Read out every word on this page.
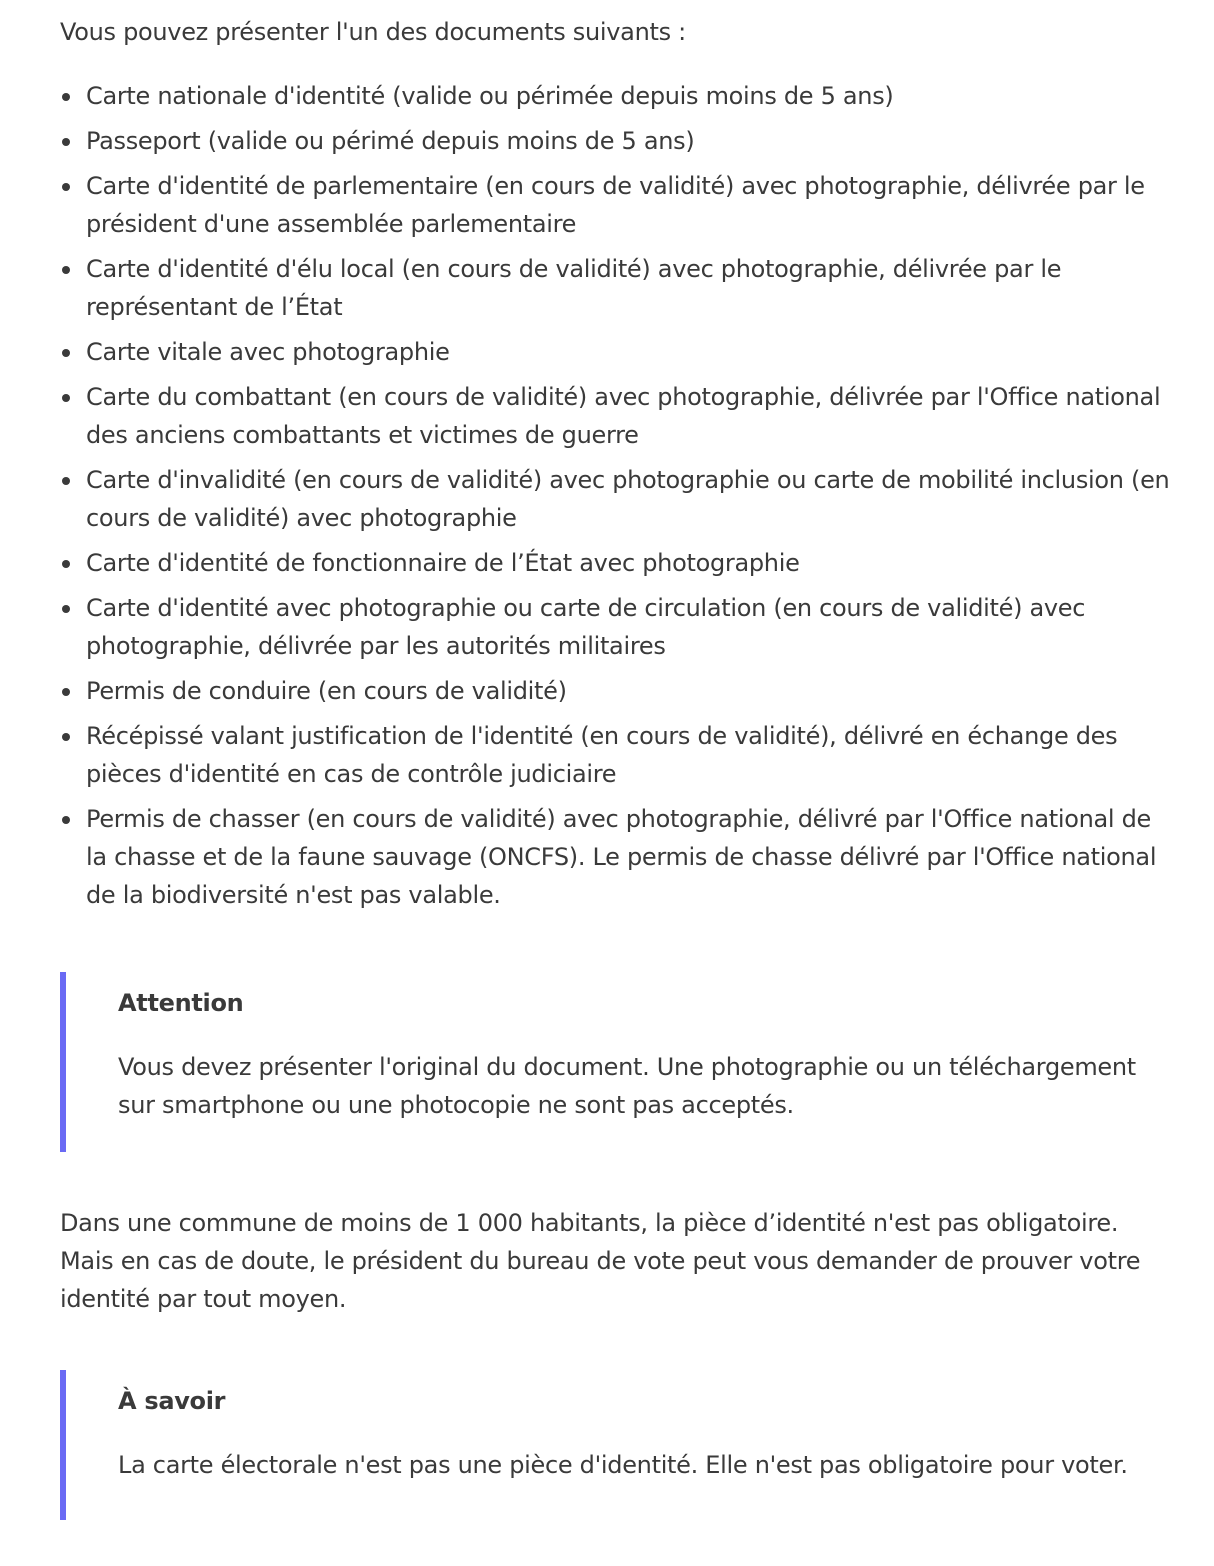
Vous pouvez présenter l'un des documents suivants :

Carte nationale d'identité (valide ou périmée depuis moins de 5 ans)
Passeport (valide ou périmé depuis moins de 5 ans)
Carte d'identité de parlementaire (en cours de validité) avec photographie, délivrée par le président d'une assemblée parlementaire
Carte d'identité d'élu local (en cours de validité) avec photographie, délivrée par le représentant de l’État
Carte vitale avec photographie
Carte du combattant (en cours de validité) avec photographie, délivrée par l'Office national des anciens combattants et victimes de guerre
Carte d'invalidité (en cours de validité) avec photographie ou carte de mobilité inclusion (en cours de validité) avec photographie
Carte d'identité de fonctionnaire de l’État avec photographie
Carte d'identité avec photographie ou carte de circulation (en cours de validité) avec photographie, délivrée par les autorités militaires
Permis de conduire (en cours de validité)
Récépissé valant justification de l'identité (en cours de validité), délivré en échange des pièces d'identité en cas de contrôle judiciaire
Permis de chasser (en cours de validité) avec photographie, délivré par l'Office national de la chasse et de la faune sauvage (ONCFS). Le permis de chasse délivré par l'Office national de la biodiversité n'est pas valable.

Attention

Vous devez présenter l'original du document. Une photographie ou un téléchargement sur smartphone ou une photocopie ne sont pas acceptés.

Dans une commune de moins de 1 000 habitants, la pièce d’identité n'est pas obligatoire. Mais en cas de doute, le président du bureau de vote peut vous demander de prouver votre identité par tout moyen.

À savoir

La carte électorale n'est pas une pièce d'identité. Elle n'est pas obligatoire pour voter.
